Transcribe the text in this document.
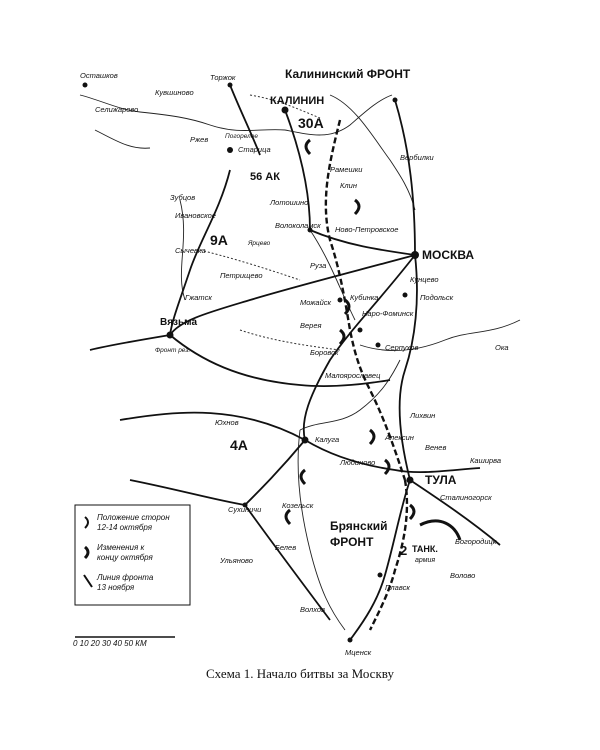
Калининский ФРОНТ
Брянский
ФРОНТ
30А
9А
4А
56 АК
2 ТАНК.
армия
МОСКВА
КАЛИНИН
ТУЛА
Осташков	Торжок
Кувшиново
Селижарово
Старица
Ржев
Рамешки
Клин
Вербилки
Волоколамск Ново-Петровское
Зубцов
Ивановское
Лотошино
Гжатск
Вязьма
Сычевка
Петрищево
Руза
Можайск
Кубинка
Наро-Фоминск
Верея
Боровск
Малоярославец
Подольск
Серпухов
Кунцево
Калуга	Алексин
Лихвин
Юхнов
Сухиничи	Козельск
Белев
Ульяново
Волхов
Мценск
Плавск
Сталиногорск
Богородицк
Волово
Каширва
Венев
Людиново
Фронт рез.
Погорелое
Ярцево
Ока
Положение сторон
12-14 октября
Изменения к
концу октября
Линия фронта
13 ноября
0 10 20 30 40 50 КМ
Схема 1. Начало битвы за Москву
